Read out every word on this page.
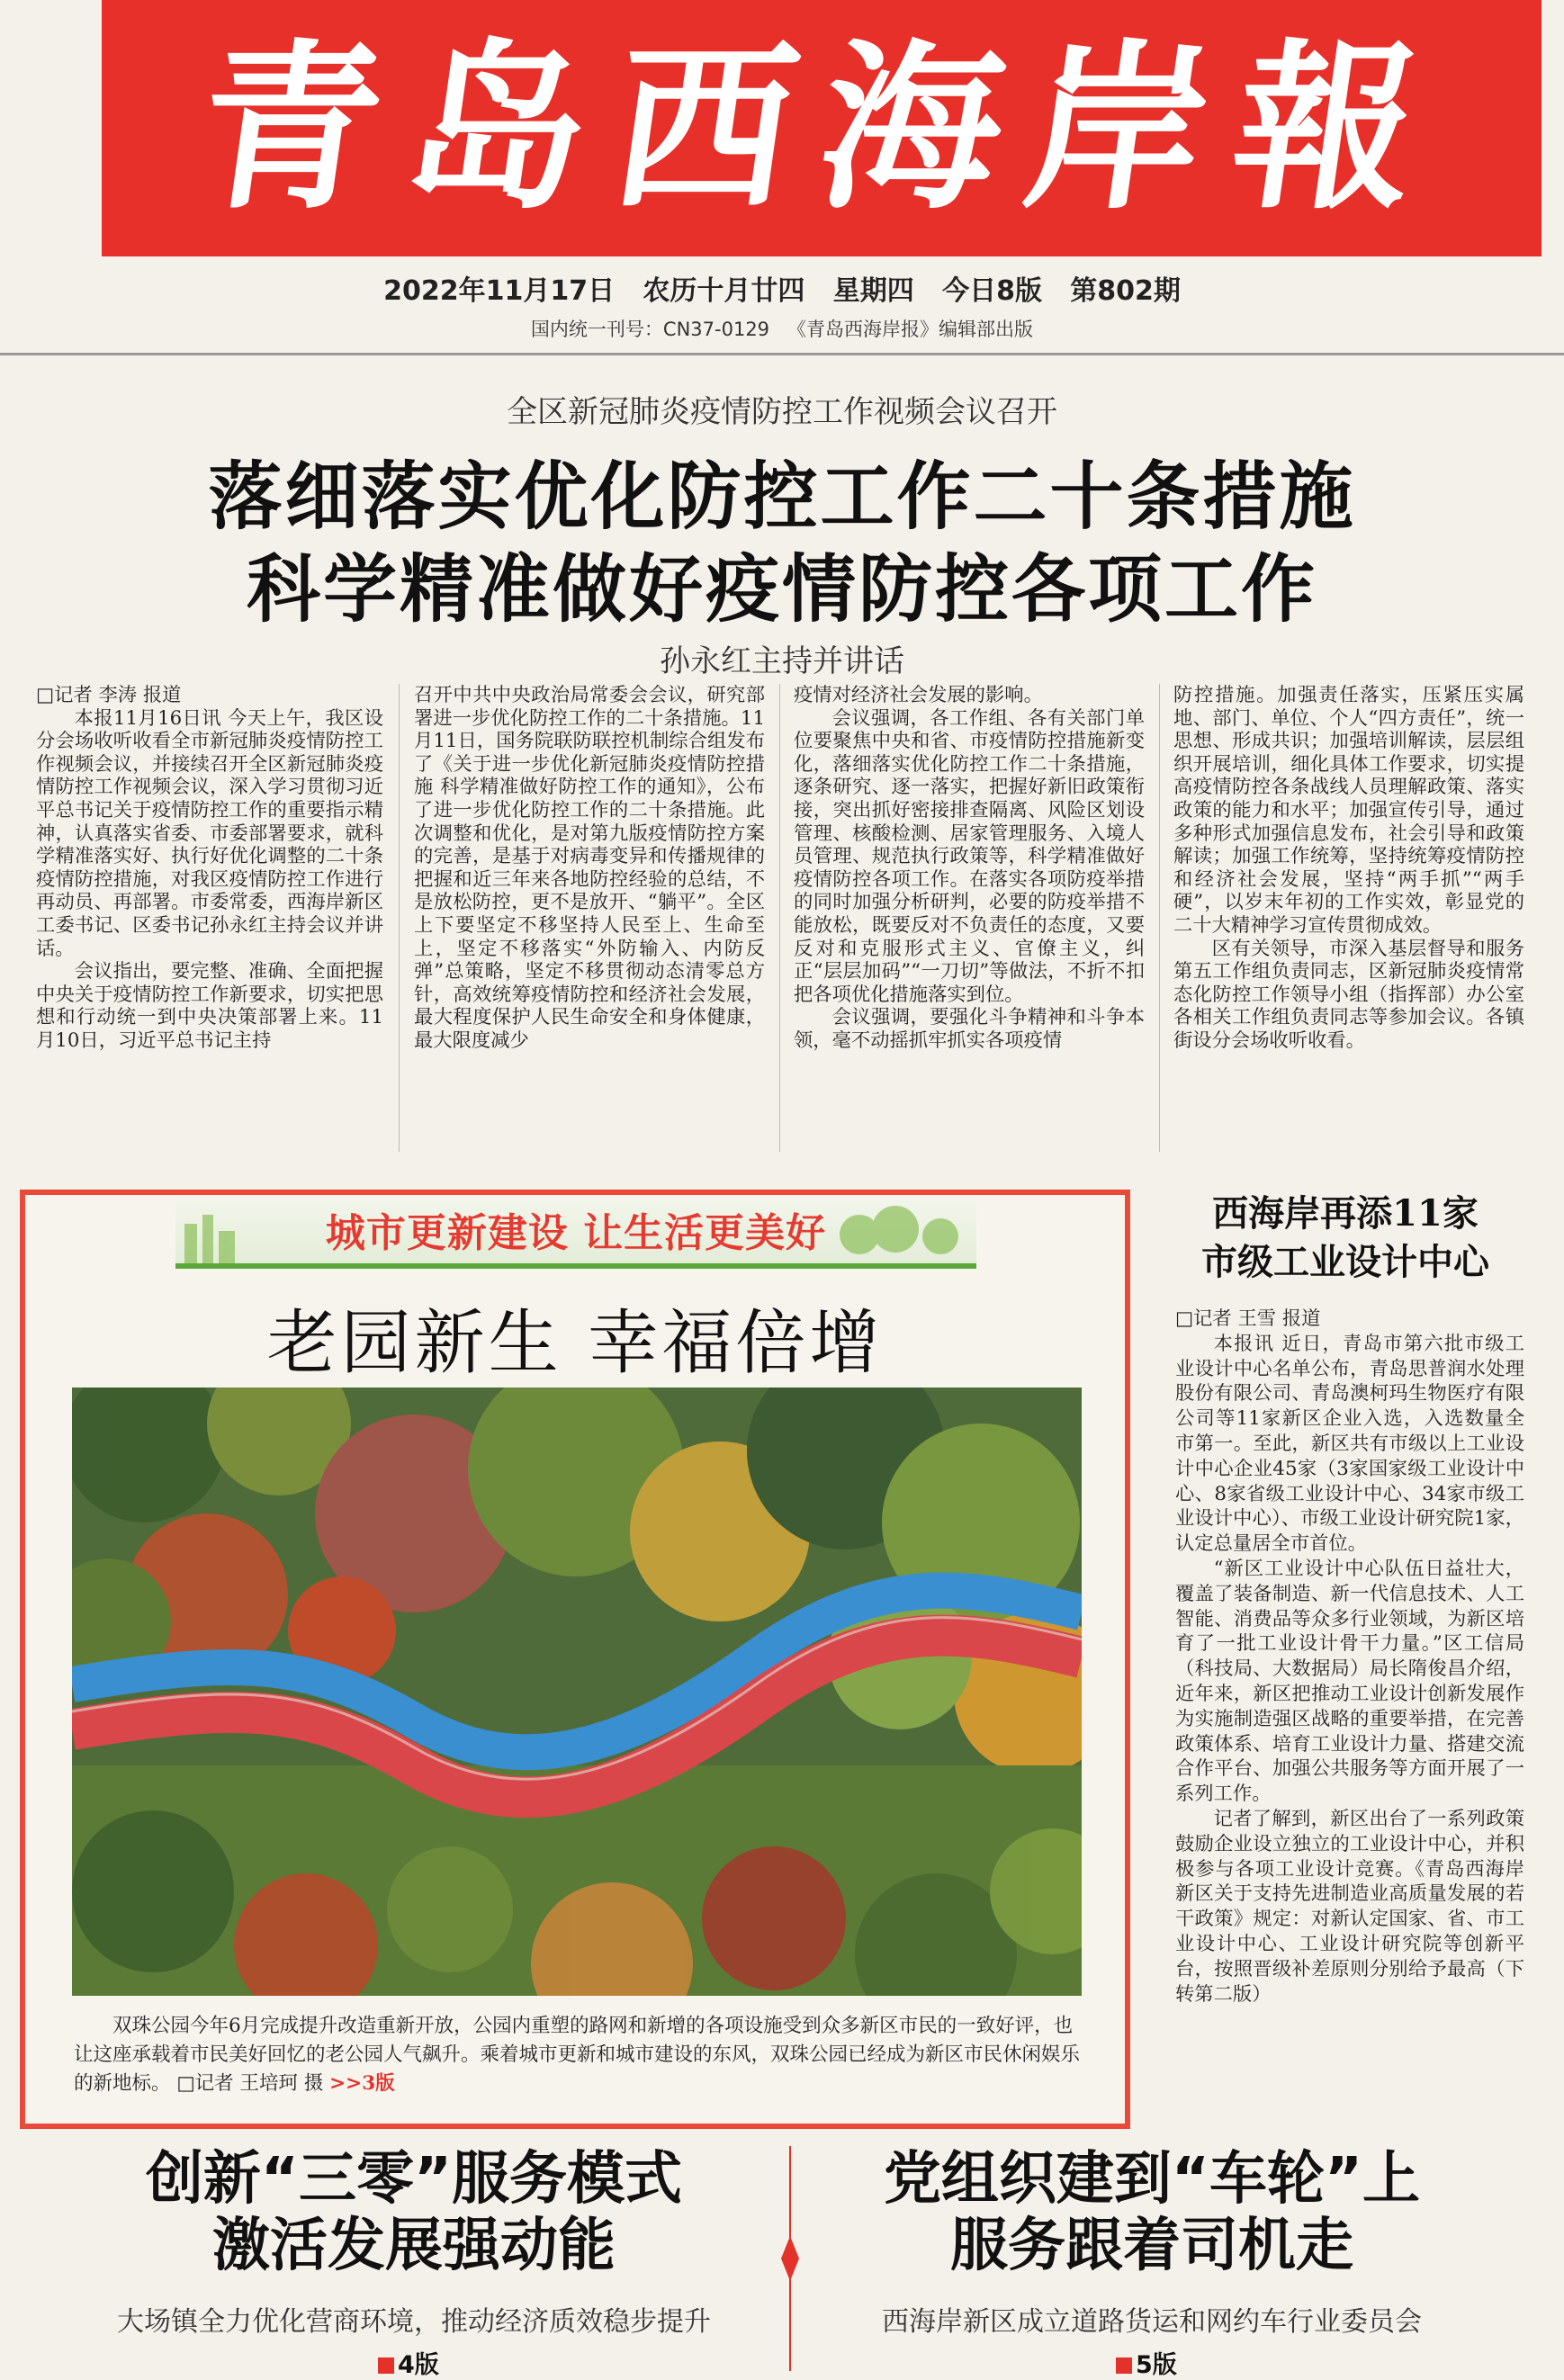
青岛西海岸報
2022年11月17日   农历十月廿四   星期四   今日8版   第802期
国内统一刊号：CN37-0129   《青岛西海岸报》编辑部出版
全区新冠肺炎疫情防控工作视频会议召开
落细落实优化防控工作二十条措施
科学精准做好疫情防控各项工作
孙永红主持并讲话

□记者 李涛 报道

本报11月16日讯 今天上午，我区设分会场收听收看全市新冠肺炎疫情防控工作视频会议，并接续召开全区新冠肺炎疫情防控工作视频会议，深入学习贯彻习近平总书记关于疫情防控工作的重要指示精神，认真落实省委、市委部署要求，就科学精准落实好、执行好优化调整的二十条疫情防控措施，对我区疫情防控工作进行再动员、再部署。市委常委，西海岸新区工委书记、区委书记孙永红主持会议并讲话。

会议指出，要完整、准确、全面把握中央关于疫情防控工作新要求，切实把思想和行动统一到中央决策部署上来。11月10日，习近平总书记主持

召开中共中央政治局常委会会议，研究部署进一步优化防控工作的二十条措施。11月11日，国务院联防联控机制综合组发布了《关于进一步优化新冠肺炎疫情防控措施 科学精准做好防控工作的通知》，公布了进一步优化防控工作的二十条措施。此次调整和优化，是对第九版疫情防控方案的完善，是基于对病毒变异和传播规律的把握和近三年来各地防控经验的总结，不是放松防控，更不是放开、“躺平”。全区上下要坚定不移坚持人民至上、生命至上，坚定不移落实“外防输入、内防反弹”总策略，坚定不移贯彻动态清零总方针，高效统筹疫情防控和经济社会发展，最大程度保护人民生命安全和身体健康，最大限度减少

疫情对经济社会发展的影响。

会议强调，各工作组、各有关部门单位要聚焦中央和省、市疫情防控措施新变化，落细落实优化防控工作二十条措施，逐条研究、逐一落实，把握好新旧政策衔接，突出抓好密接排查隔离、风险区划设管理、核酸检测、居家管理服务、入境人员管理、规范执行政策等，科学精准做好疫情防控各项工作。在落实各项防疫举措的同时加强分析研判，必要的防疫举措不能放松，既要反对不负责任的态度，又要反对和克服形式主义、官僚主义，纠正“层层加码”“一刀切”等做法，不折不扣把各项优化措施落实到位。

会议强调，要强化斗争精神和斗争本领，毫不动摇抓牢抓实各项疫情

防控措施。加强责任落实，压紧压实属地、部门、单位、个人“四方责任”，统一思想、形成共识；加强培训解读，层层组织开展培训，细化具体工作要求，切实提高疫情防控各条战线人员理解政策、落实政策的能力和水平；加强宣传引导，通过多种形式加强信息发布，社会引导和政策解读；加强工作统筹，坚持统筹疫情防控和经济社会发展，坚持“两手抓”“两手硬”，以岁末年初的工作实效，彰显党的二十大精神学习宣传贯彻成效。

区有关领导，市深入基层督导和服务第五工作组负责同志，区新冠肺炎疫情常态化防控工作领导小组（指挥部）办公室各相关工作组负责同志等参加会议。各镇街设分会场收听收看。

城市更新建设 让生活更美好
老园新生 幸福倍增
双珠公园今年6月完成提升改造重新开放，公园内重塑的路网和新增的各项设施受到众多新区市民的一致好评，也让这座承载着市民美好回忆的老公园人气飙升。乘着城市更新和城市建设的东风，双珠公园已经成为新区市民休闲娱乐的新地标。 □记者 王培珂 摄 >>3版
西海岸再添11家
市级工业设计中心

□记者 王雪 报道

本报讯 近日，青岛市第六批市级工业设计中心名单公布，青岛思普润水处理股份有限公司、青岛澳柯玛生物医疗有限公司等11家新区企业入选，入选数量全市第一。至此，新区共有市级以上工业设计中心企业45家（3家国家级工业设计中心、8家省级工业设计中心、34家市级工业设计中心）、市级工业设计研究院1家，认定总量居全市首位。

“新区工业设计中心队伍日益壮大，覆盖了装备制造、新一代信息技术、人工智能、消费品等众多行业领域，为新区培育了一批工业设计骨干力量。”区工信局（科技局、大数据局）局长隋俊昌介绍，近年来，新区把推动工业设计创新发展作为实施制造强区战略的重要举措，在完善政策体系、培育工业设计力量、搭建交流合作平台、加强公共服务等方面开展了一系列工作。

记者了解到，新区出台了一系列政策鼓励企业设立独立的工业设计中心，并积极参与各项工业设计竞赛。《青岛西海岸新区关于支持先进制造业高质量发展的若干政策》规定：对新认定国家、省、市工业设计中心、工业设计研究院等创新平台，按照晋级补差原则分别给予最高（下转第二版）

创新“三零”服务模式
激活发展强动能
大场镇全力优化营商环境，推动经济质效稳步提升
4版
党组织建到“车轮”上
服务跟着司机走
西海岸新区成立道路货运和网约车行业委员会
5版
